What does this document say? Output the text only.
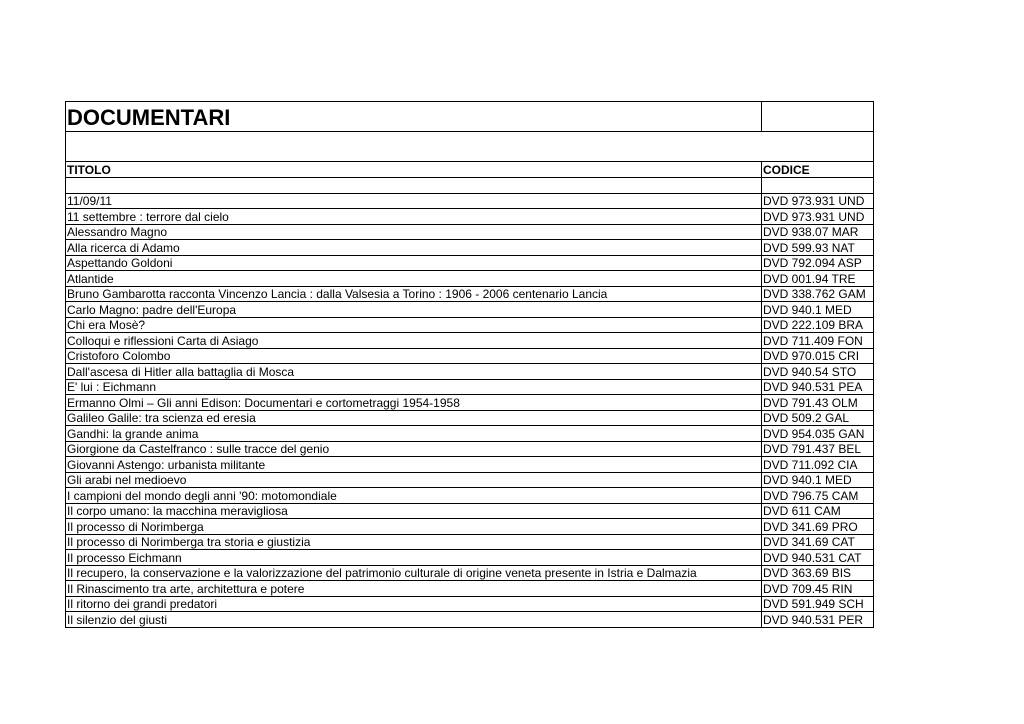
DOCUMENTARI	

TITOLO	CODICE

11/09/11	DVD 973.931 UND
11 settembre : terrore dal cielo	DVD 973.931 UND
Alessandro Magno	DVD 938.07 MAR
Alla ricerca di Adamo	DVD 599.93 NAT
Aspettando Goldoni	DVD 792.094 ASP
Atlantide	DVD 001.94 TRE
Bruno Gambarotta racconta Vincenzo Lancia : dalla Valsesia a Torino : 1906 - 2006 centenario Lancia	DVD 338.762 GAM
Carlo Magno: padre dell'Europa	DVD 940.1 MED
Chi era Mosè?	DVD 222.109 BRA
Colloqui e riflessioni Carta di Asiago	DVD 711.409 FON
Cristoforo Colombo	DVD 970.015 CRI
Dall'ascesa di Hitler alla battaglia di Mosca	DVD 940.54 STO
E' lui : Eichmann	DVD 940.531 PEA
Ermanno Olmi – Gli anni Edison: Documentari e cortometraggi 1954-1958	DVD 791.43 OLM
Galileo Galile: tra scienza ed eresia	DVD 509.2 GAL
Gandhi: la grande anima	DVD 954.035 GAN
Giorgione da Castelfranco : sulle tracce del genio	DVD 791.437 BEL
Giovanni Astengo: urbanista militante	DVD 711.092 CIA
Gli arabi nel medioevo	DVD 940.1 MED
I campioni del mondo degli anni '90: motomondiale	DVD 796.75 CAM
Il corpo umano: la macchina meravigliosa	DVD 611 CAM
Il processo di Norimberga	DVD 341.69 PRO
Il processo di Norimberga tra storia e giustizia	DVD 341.69 CAT
Il processo Eichmann	DVD 940.531 CAT
Il recupero, la conservazione e la valorizzazione del patrimonio culturale di origine veneta presente in Istria e Dalmazia	DVD 363.69 BIS
Il Rinascimento tra arte, architettura e potere	DVD 709.45 RIN
Il ritorno dei grandi predatori	DVD 591.949 SCH
Il silenzio del giusti	DVD 940.531 PER
